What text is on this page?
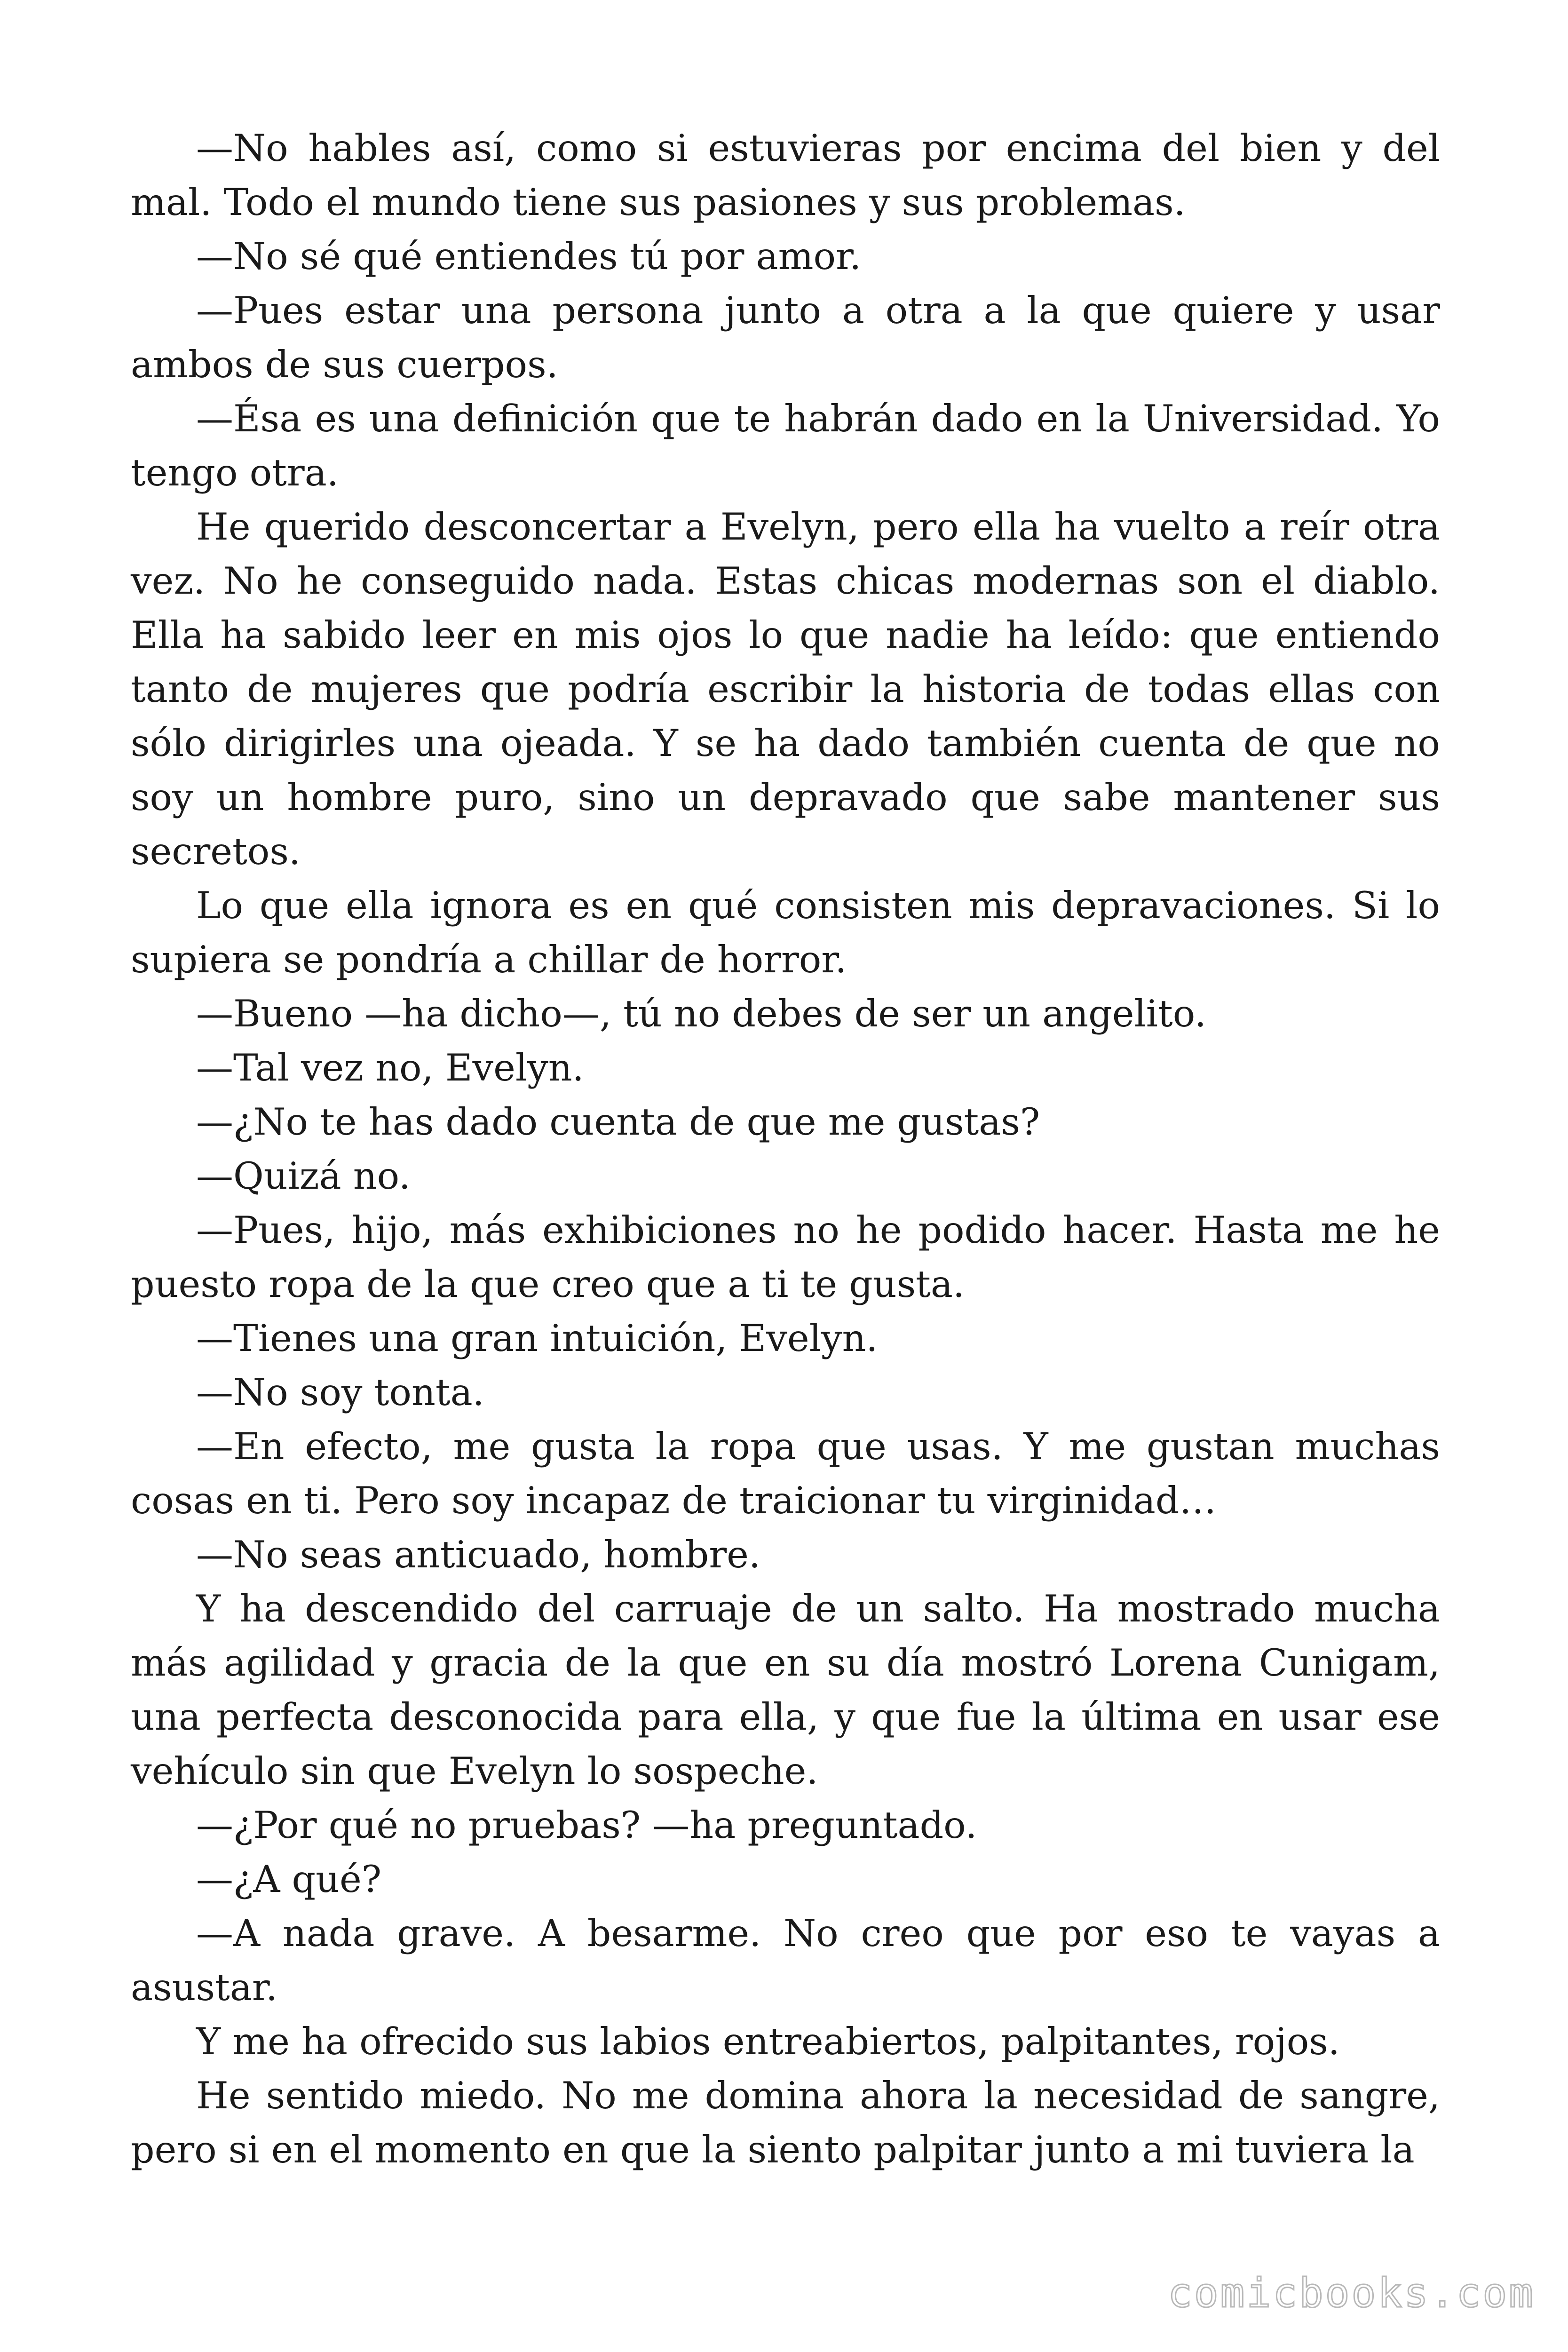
—No hables así, como si estuvieras por encima del bien y del mal. Todo el mundo tiene sus pasiones y sus problemas.

—No sé qué entiendes tú por amor.

—Pues estar una persona junto a otra a la que quiere y usar ambos de sus cuerpos.

—Ésa es una definición que te habrán dado en la Universidad. Yo tengo otra.

He querido desconcertar a Evelyn, pero ella ha vuelto a reír otra vez. No he conseguido nada. Estas chicas modernas son el diablo. Ella ha sabido leer en mis ojos lo que nadie ha leído: que entiendo tanto de mujeres que podría escribir la historia de todas ellas con sólo dirigirles una ojeada. Y se ha dado también cuenta de que no soy un hombre puro, sino un depravado que sabe mantener sus secretos.

Lo que ella ignora es en qué consisten mis depravaciones. Si lo supiera se pondría a chillar de horror.

—Bueno —ha dicho—, tú no debes de ser un angelito.

—Tal vez no, Evelyn.

—¿No te has dado cuenta de que me gustas?

—Quizá no.

—Pues, hijo, más exhibiciones no he podido hacer. Hasta me he puesto ropa de la que creo que a ti te gusta.

—Tienes una gran intuición, Evelyn.

—No soy tonta.

—En efecto, me gusta la ropa que usas. Y me gustan muchas cosas en ti. Pero soy incapaz de traicionar tu virginidad…

—No seas anticuado, hombre.

Y ha descendido del carruaje de un salto. Ha mostrado mucha más agilidad y gracia de la que en su día mostró Lorena Cunigam, una perfecta desconocida para ella, y que fue la última en usar ese vehículo sin que Evelyn lo sospeche.

—¿Por qué no pruebas? —ha preguntado.

—¿A qué?

—A nada grave. A besarme. No creo que por eso te vayas a asustar.

Y me ha ofrecido sus labios entreabiertos, palpitantes, rojos.

He sentido miedo. No me domina ahora la necesidad de sangre, pero si en el momento en que la siento palpitar junto a mi tuviera la

comicbooks.com
